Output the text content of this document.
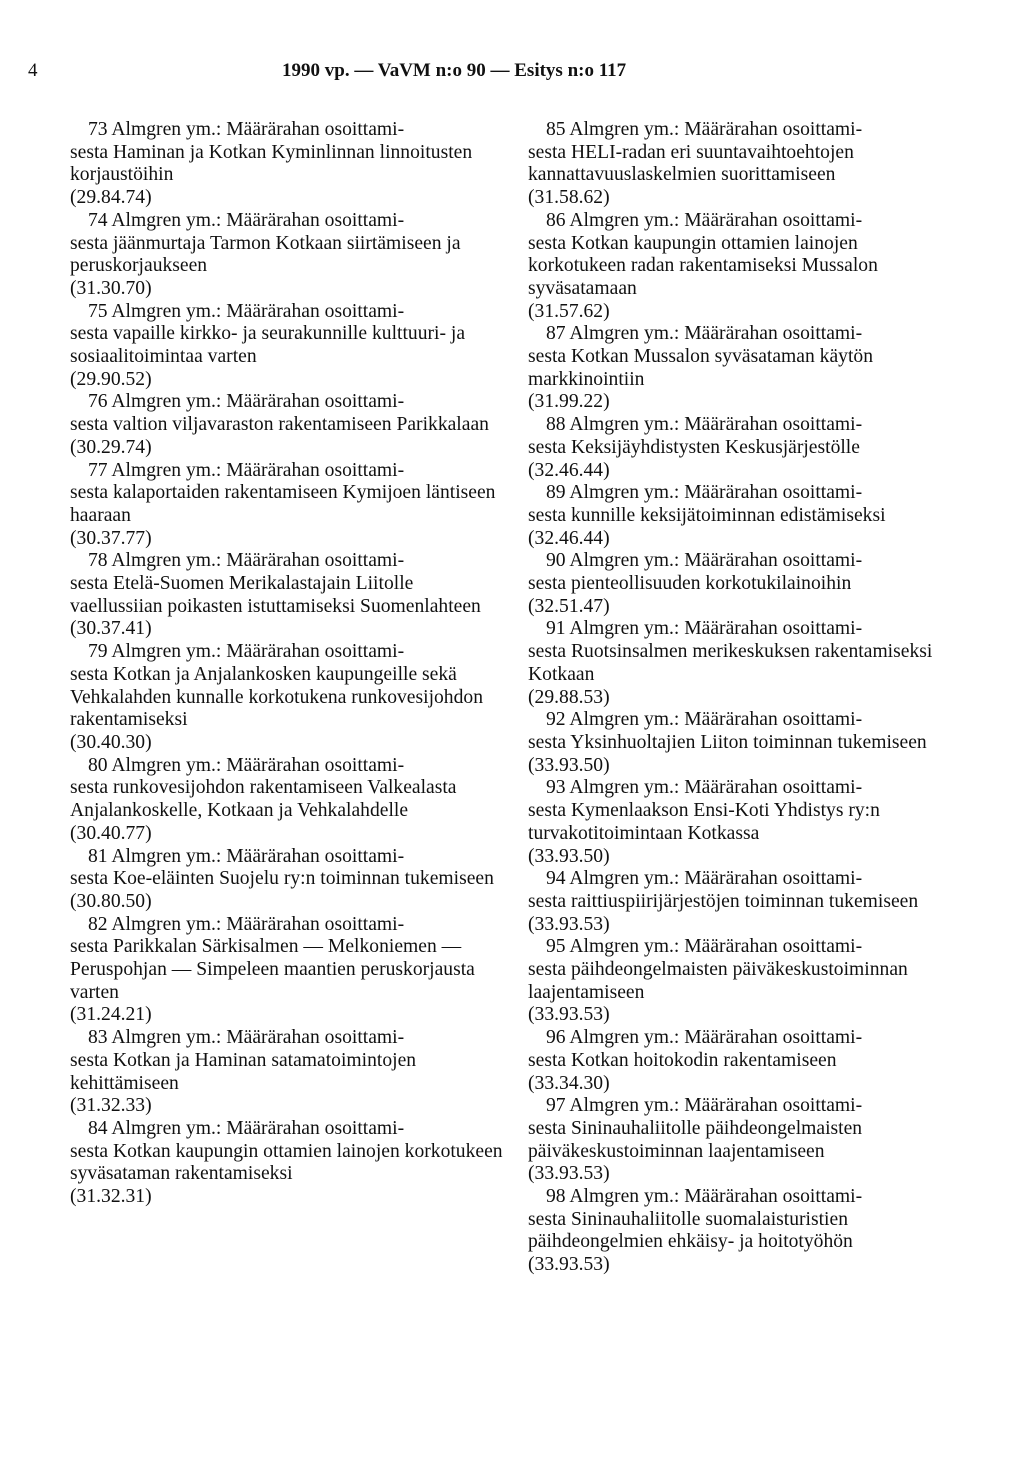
4	1990 vp. — VaVM n:o 90 — Esitys n:o 117
73 Almgren ym.: Määrärahan osoittami-
sesta Haminan ja Kotkan Kyminlinnan linnoitusten korjaustöihin
(29.84.74)
74 Almgren ym.: Määrärahan osoittami-
sesta jäänmurtaja Tarmon Kotkaan siirtämiseen ja peruskorjaukseen
(31.30.70)
75 Almgren ym.: Määrärahan osoittami-
sesta vapaille kirkko- ja seurakunnille kulttuuri- ja sosiaalitoimintaa varten
(29.90.52)
76 Almgren ym.: Määrärahan osoittami-
sesta valtion viljavaraston rakentamiseen Parikkalaan
(30.29.74)
77 Almgren ym.: Määrärahan osoittami-
sesta kalaportaiden rakentamiseen Kymijoen läntiseen haaraan
(30.37.77)
78 Almgren ym.: Määrärahan osoittami-
sesta Etelä-Suomen Merikalastajain Liitolle vaellussiian poikasten istuttamiseksi Suomenlahteen
(30.37.41)
79 Almgren ym.: Määrärahan osoittami-
sesta Kotkan ja Anjalankosken kaupungeille sekä Vehkalahden kunnalle korkotukena runkovesijohdon rakentamiseksi
(30.40.30)
80 Almgren ym.: Määrärahan osoittami-
sesta runkovesijohdon rakentamiseen Valkealasta Anjalankoskelle, Kotkaan ja Vehkalahdelle
(30.40.77)
81 Almgren ym.: Määrärahan osoittami-
sesta Koe-eläinten Suojelu ry:n toiminnan tukemiseen
(30.80.50)
82 Almgren ym.: Määrärahan osoittami-
sesta Parikkalan Särkisalmen — Melkoniemen — Peruspohjan — Simpeleen maantien peruskorjausta varten
(31.24.21)
83 Almgren ym.: Määrärahan osoittami-
sesta Kotkan ja Haminan satamatoimintojen kehittämiseen
(31.32.33)
84 Almgren ym.: Määrärahan osoittami-
sesta Kotkan kaupungin ottamien lainojen korkotukeen syväsataman rakentamiseksi
(31.32.31)
85 Almgren ym.: Määrärahan osoittami-
sesta HELI-radan eri suuntavaihtoehtojen kannattavuuslaskelmien suorittamiseen
(31.58.62)
86 Almgren ym.: Määrärahan osoittami-
sesta Kotkan kaupungin ottamien lainojen korkotukeen radan rakentamiseksi Mussalon syväsatamaan
(31.57.62)
87 Almgren ym.: Määrärahan osoittami-
sesta Kotkan Mussalon syväsataman käytön markkinointiin
(31.99.22)
88 Almgren ym.: Määrärahan osoittami-
sesta Keksijäyhdistysten Keskusjärjestölle
(32.46.44)
89 Almgren ym.: Määrärahan osoittami-
sesta kunnille keksijätoiminnan edistämiseksi
(32.46.44)
90 Almgren ym.: Määrärahan osoittami-
sesta pienteollisuuden korkotukilainoihin
(32.51.47)
91 Almgren ym.: Määrärahan osoittami-
sesta Ruotsinsalmen merikeskuksen rakentamiseksi Kotkaan
(29.88.53)
92 Almgren ym.: Määrärahan osoittami-
sesta Yksinhuoltajien Liiton toiminnan tukemiseen
(33.93.50)
93 Almgren ym.: Määrärahan osoittami-
sesta Kymenlaakson Ensi-Koti Yhdistys ry:n turvakotitoimintaan Kotkassa
(33.93.50)
94 Almgren ym.: Määrärahan osoittami-
sesta raittiuspiirijärjestöjen toiminnan tukemiseen
(33.93.53)
95 Almgren ym.: Määrärahan osoittami-
sesta päihdeongelmaisten päiväkeskustoiminnan laajentamiseen
(33.93.53)
96 Almgren ym.: Määrärahan osoittami-
sesta Kotkan hoitokodin rakentamiseen
(33.34.30)
97 Almgren ym.: Määrärahan osoittami-
sesta Sininauhaliitolle päihdeongelmaisten päiväkeskustoiminnan laajentamiseen
(33.93.53)
98 Almgren ym.: Määrärahan osoittami-
sesta Sininauhaliitolle suomalaisturistien päihdeongelmien ehkäisy- ja hoitotyöhön
(33.93.53)
